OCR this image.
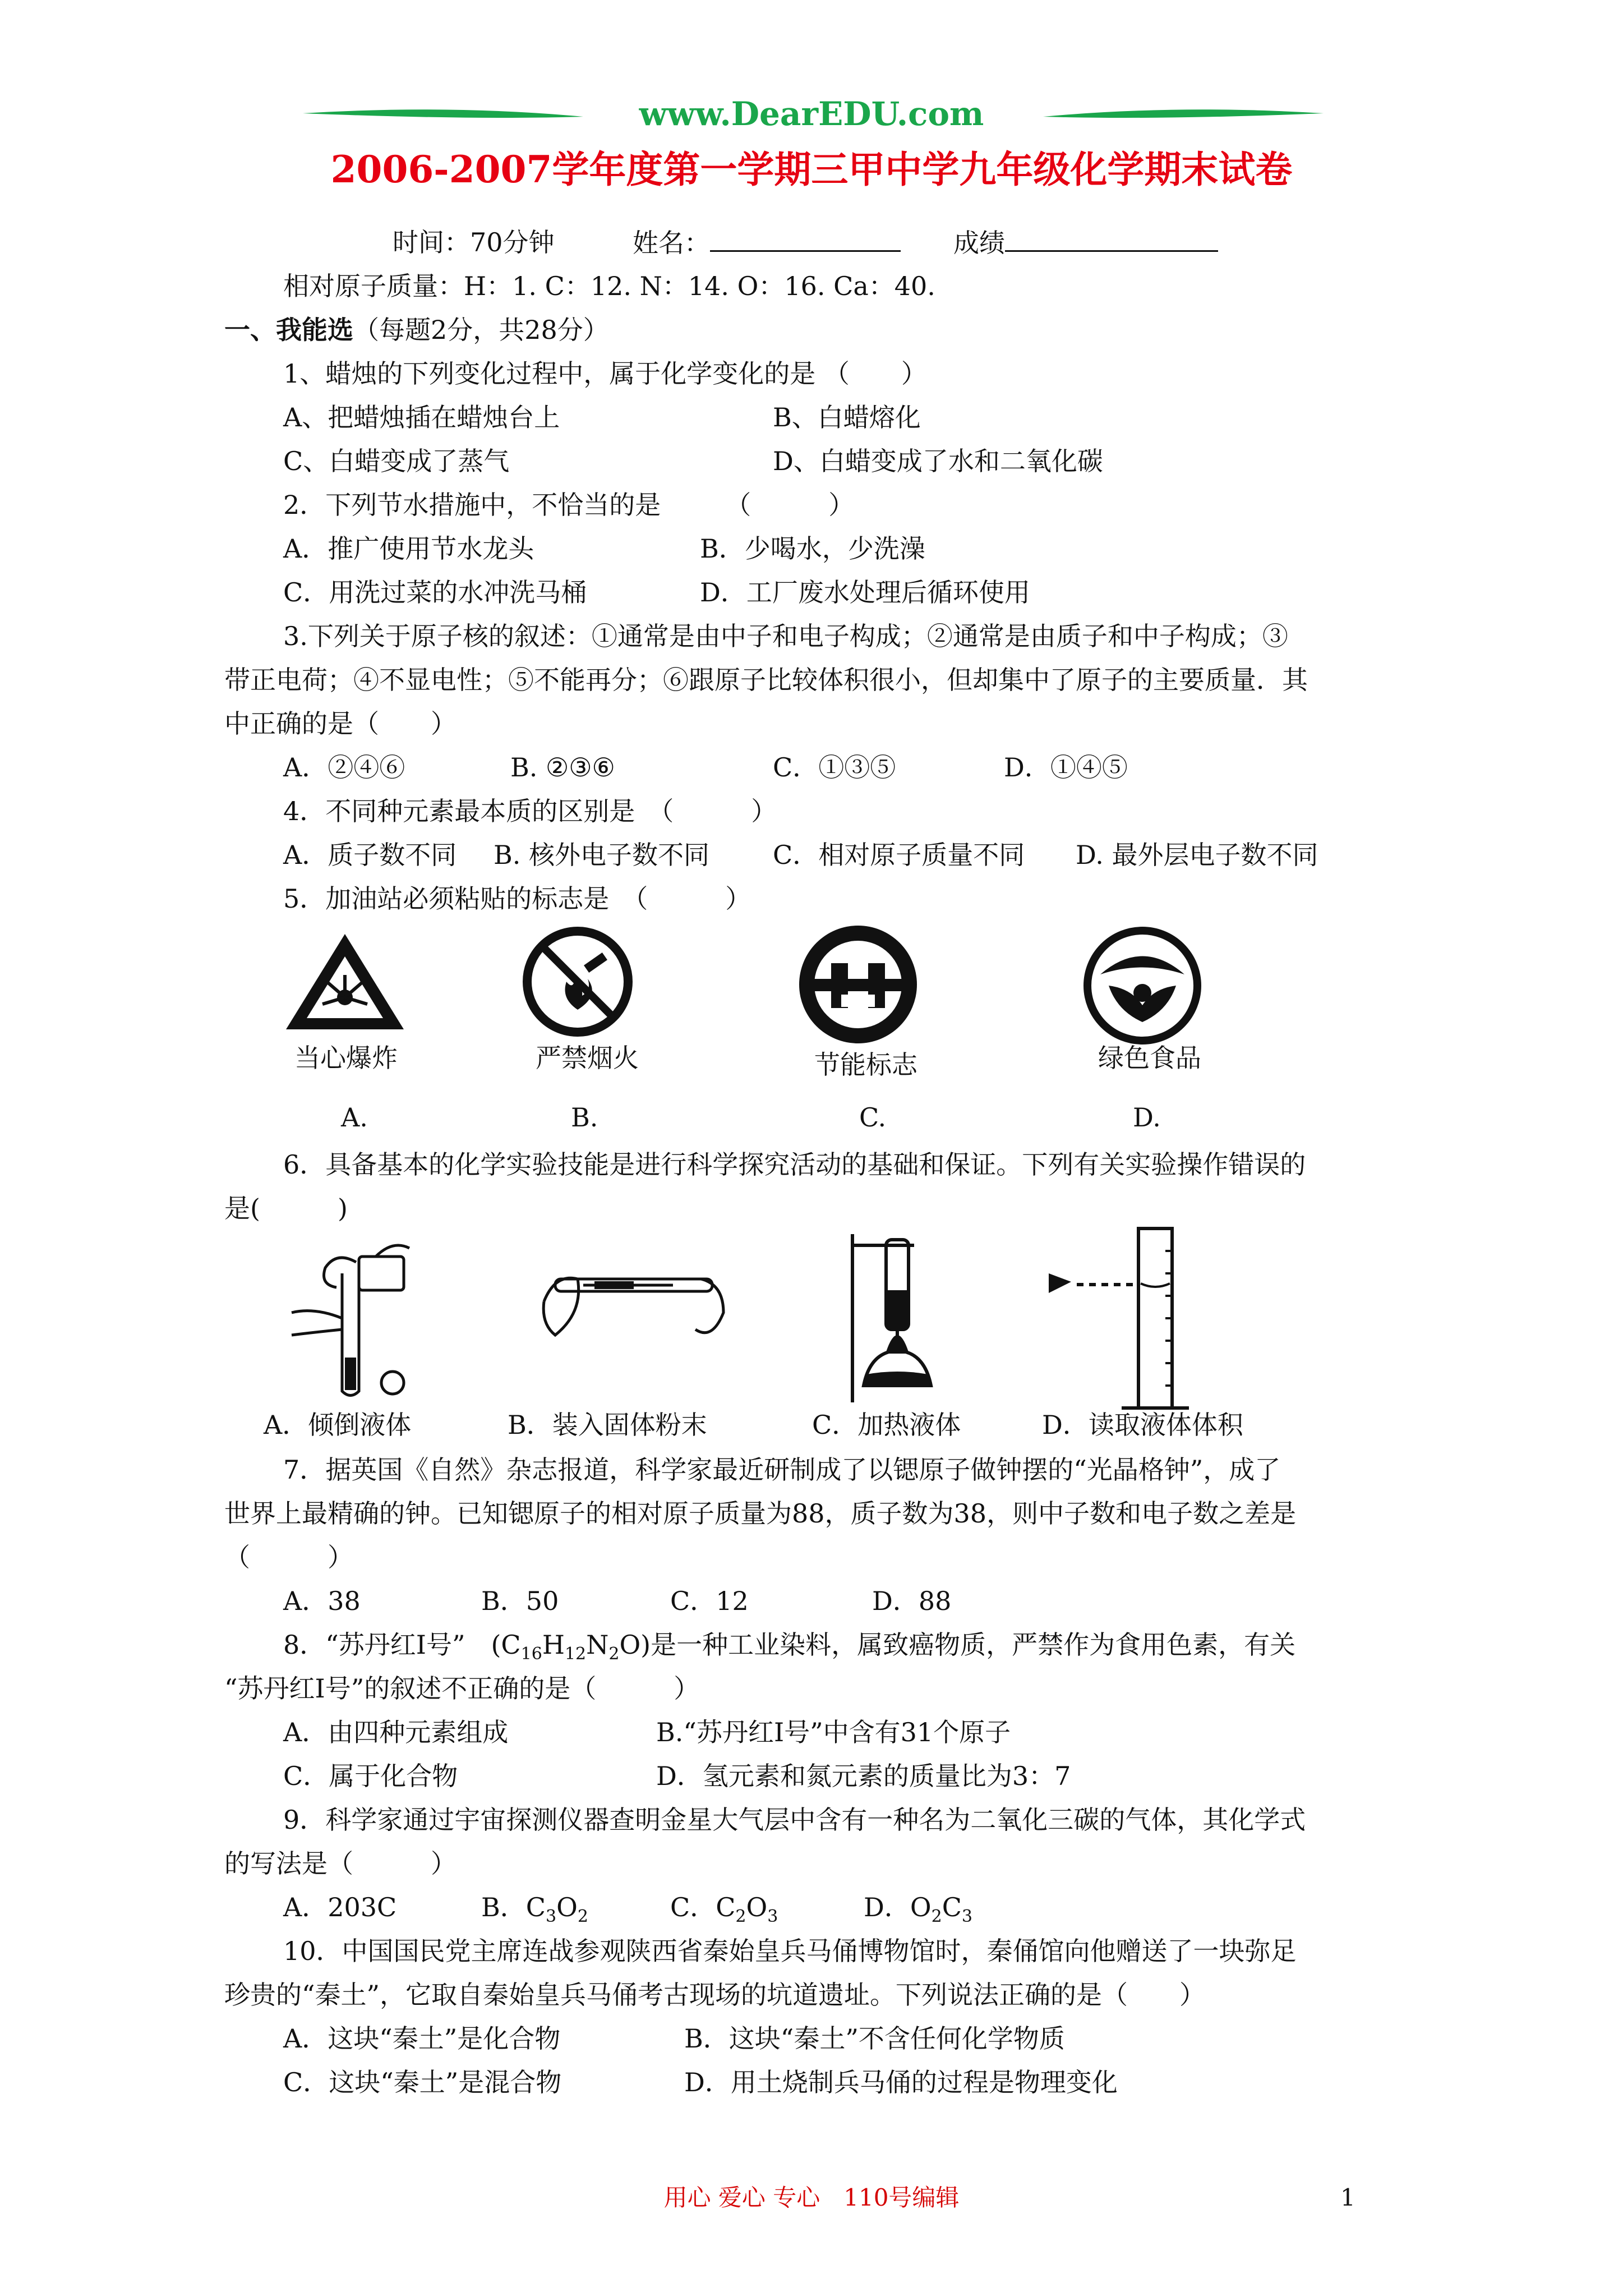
www.DearEDU.com
2006-2007学年度第一学期三甲中学九年级化学期末试卷
时间：70分钟	姓名：	成绩
相对原子质量：H：1. C：12. N：14. O：16. Ca：40.
一、我能选（每题2分，共28分）
1、蜡烛的下列变化过程中，属于化学变化的是 （　　）
A、把蜡烛插在蜡烛台上	B、白蜡熔化
C、白蜡变成了蒸气	D、白蜡变成了水和二氧化碳
2．下列节水措施中，不恰当的是　　　（　　　）
A．推广使用节水龙头	B．少喝水，少洗澡
C．用洗过菜的水冲洗马桶	D．工厂废水处理后循环使用
3.下列关于原子核的叙述：①通常是由中子和电子构成；②通常是由质子和中子构成；③
带正电荷；④不显电性；⑤不能再分；⑥跟原子比较体积很小，但却集中了原子的主要质量．其
中正确的是（　　）
A．②④⑥	B. ②③⑥	C．①③⑤	D．①④⑤
4．不同种元素最本质的区别是　（　　　）
A．质子数不同 B. 核外电子数不同 C．相对原子质量不同 D. 最外层电子数不同
5．加油站必须粘贴的标志是　（　　　）
当心爆炸	严禁烟火	节能标志	绿色食品
A.	B.	C.	D.
6．具备基本的化学实验技能是进行科学探究活动的基础和保证。下列有关实验操作错误的
是(　　　)
A．倾倒液体	B．装入固体粉末	C．加热液体	D．读取液体体积
7．据英国《自然》杂志报道，科学家最近研制成了以锶原子做钟摆的“光晶格钟”，成了
世界上最精确的钟。已知锶原子的相对原子质量为88，质子数为38，则中子数和电子数之差是
（　　　）
A．38	B．50	C．12	D．88
8．“苏丹红Ⅰ号”　$(C_{16}H_{12}N_2O)$是一种工业染料，属致癌物质，严禁作为食用色素，有关
“苏丹红Ⅰ号”的叙述不正确的是（　　　）
A．由四种元素组成	B.“苏丹红Ⅰ号”中含有31个原子
C．属于化合物	D．氢元素和氮元素的质量比为3：7
9．科学家通过宇宙探测仪器查明金星大气层中含有一种名为二氧化三碳的气体，其化学式
的写法是（　　　）
A．203C	B．$C_3O_2$	C．$C_2O_3$	D．$O_2C_3$
10．中国国民党主席连战参观陕西省秦始皇兵马俑博物馆时，秦俑馆向他赠送了一块弥足
珍贵的“秦土”，它取自秦始皇兵马俑考古现场的坑道遗址。下列说法正确的是（　　）
A．这块“秦土”是化合物	B．这块“秦土”不含任何化学物质
C．这块“秦土”是混合物	D．用土烧制兵马俑的过程是物理变化
用心 爱心 专心　110号编辑	1
